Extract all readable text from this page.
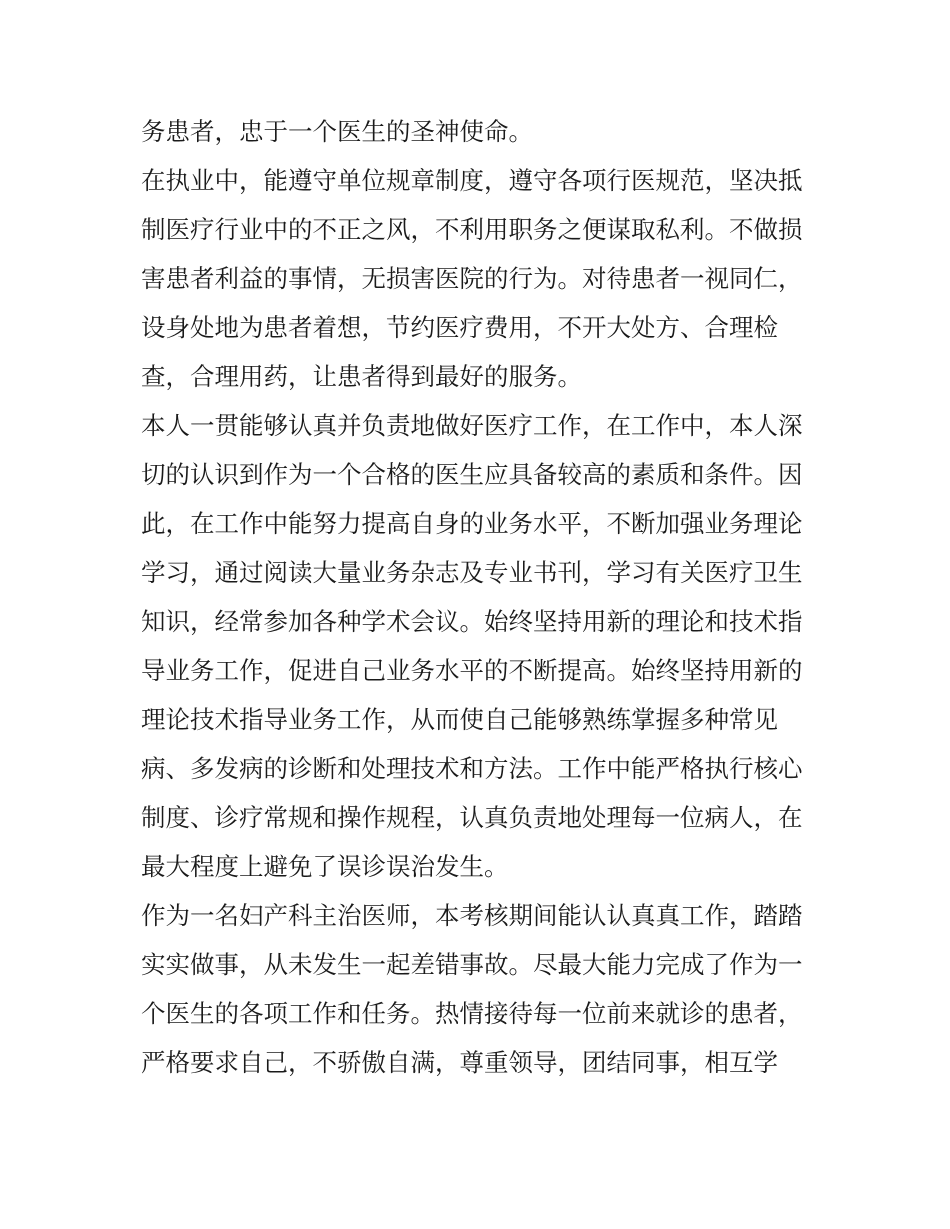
务患者，忠于一个医生的圣神使命。
在执业中，能遵守单位规章制度，遵守各项行医规范，坚决抵
制医疗行业中的不正之风，不利用职务之便谋取私利。不做损
害患者利益的事情，无损害医院的行为。对待患者一视同仁，
设身处地为患者着想，节约医疗费用，不开大处方、合理检
查，合理用药，让患者得到最好的服务。
本人一贯能够认真并负责地做好医疗工作，在工作中，本人深
切的认识到作为一个合格的医生应具备较高的素质和条件。因
此，在工作中能努力提高自身的业务水平，不断加强业务理论
学习，通过阅读大量业务杂志及专业书刊，学习有关医疗卫生
知识，经常参加各种学术会议。始终坚持用新的理论和技术指
导业务工作，促进自己业务水平的不断提高。始终坚持用新的
理论技术指导业务工作，从而使自己能够熟练掌握多种常见
病、多发病的诊断和处理技术和方法。工作中能严格执行核心
制度、诊疗常规和操作规程，认真负责地处理每一位病人，在
最大程度上避免了误诊误治发生。
作为一名妇产科主治医师，本考核期间能认认真真工作，踏踏
实实做事，从未发生一起差错事故。尽最大能力完成了作为一
个医生的各项工作和任务。热情接待每一位前来就诊的患者，
严格要求自己，不骄傲自满，尊重领导，团结同事，相互学
